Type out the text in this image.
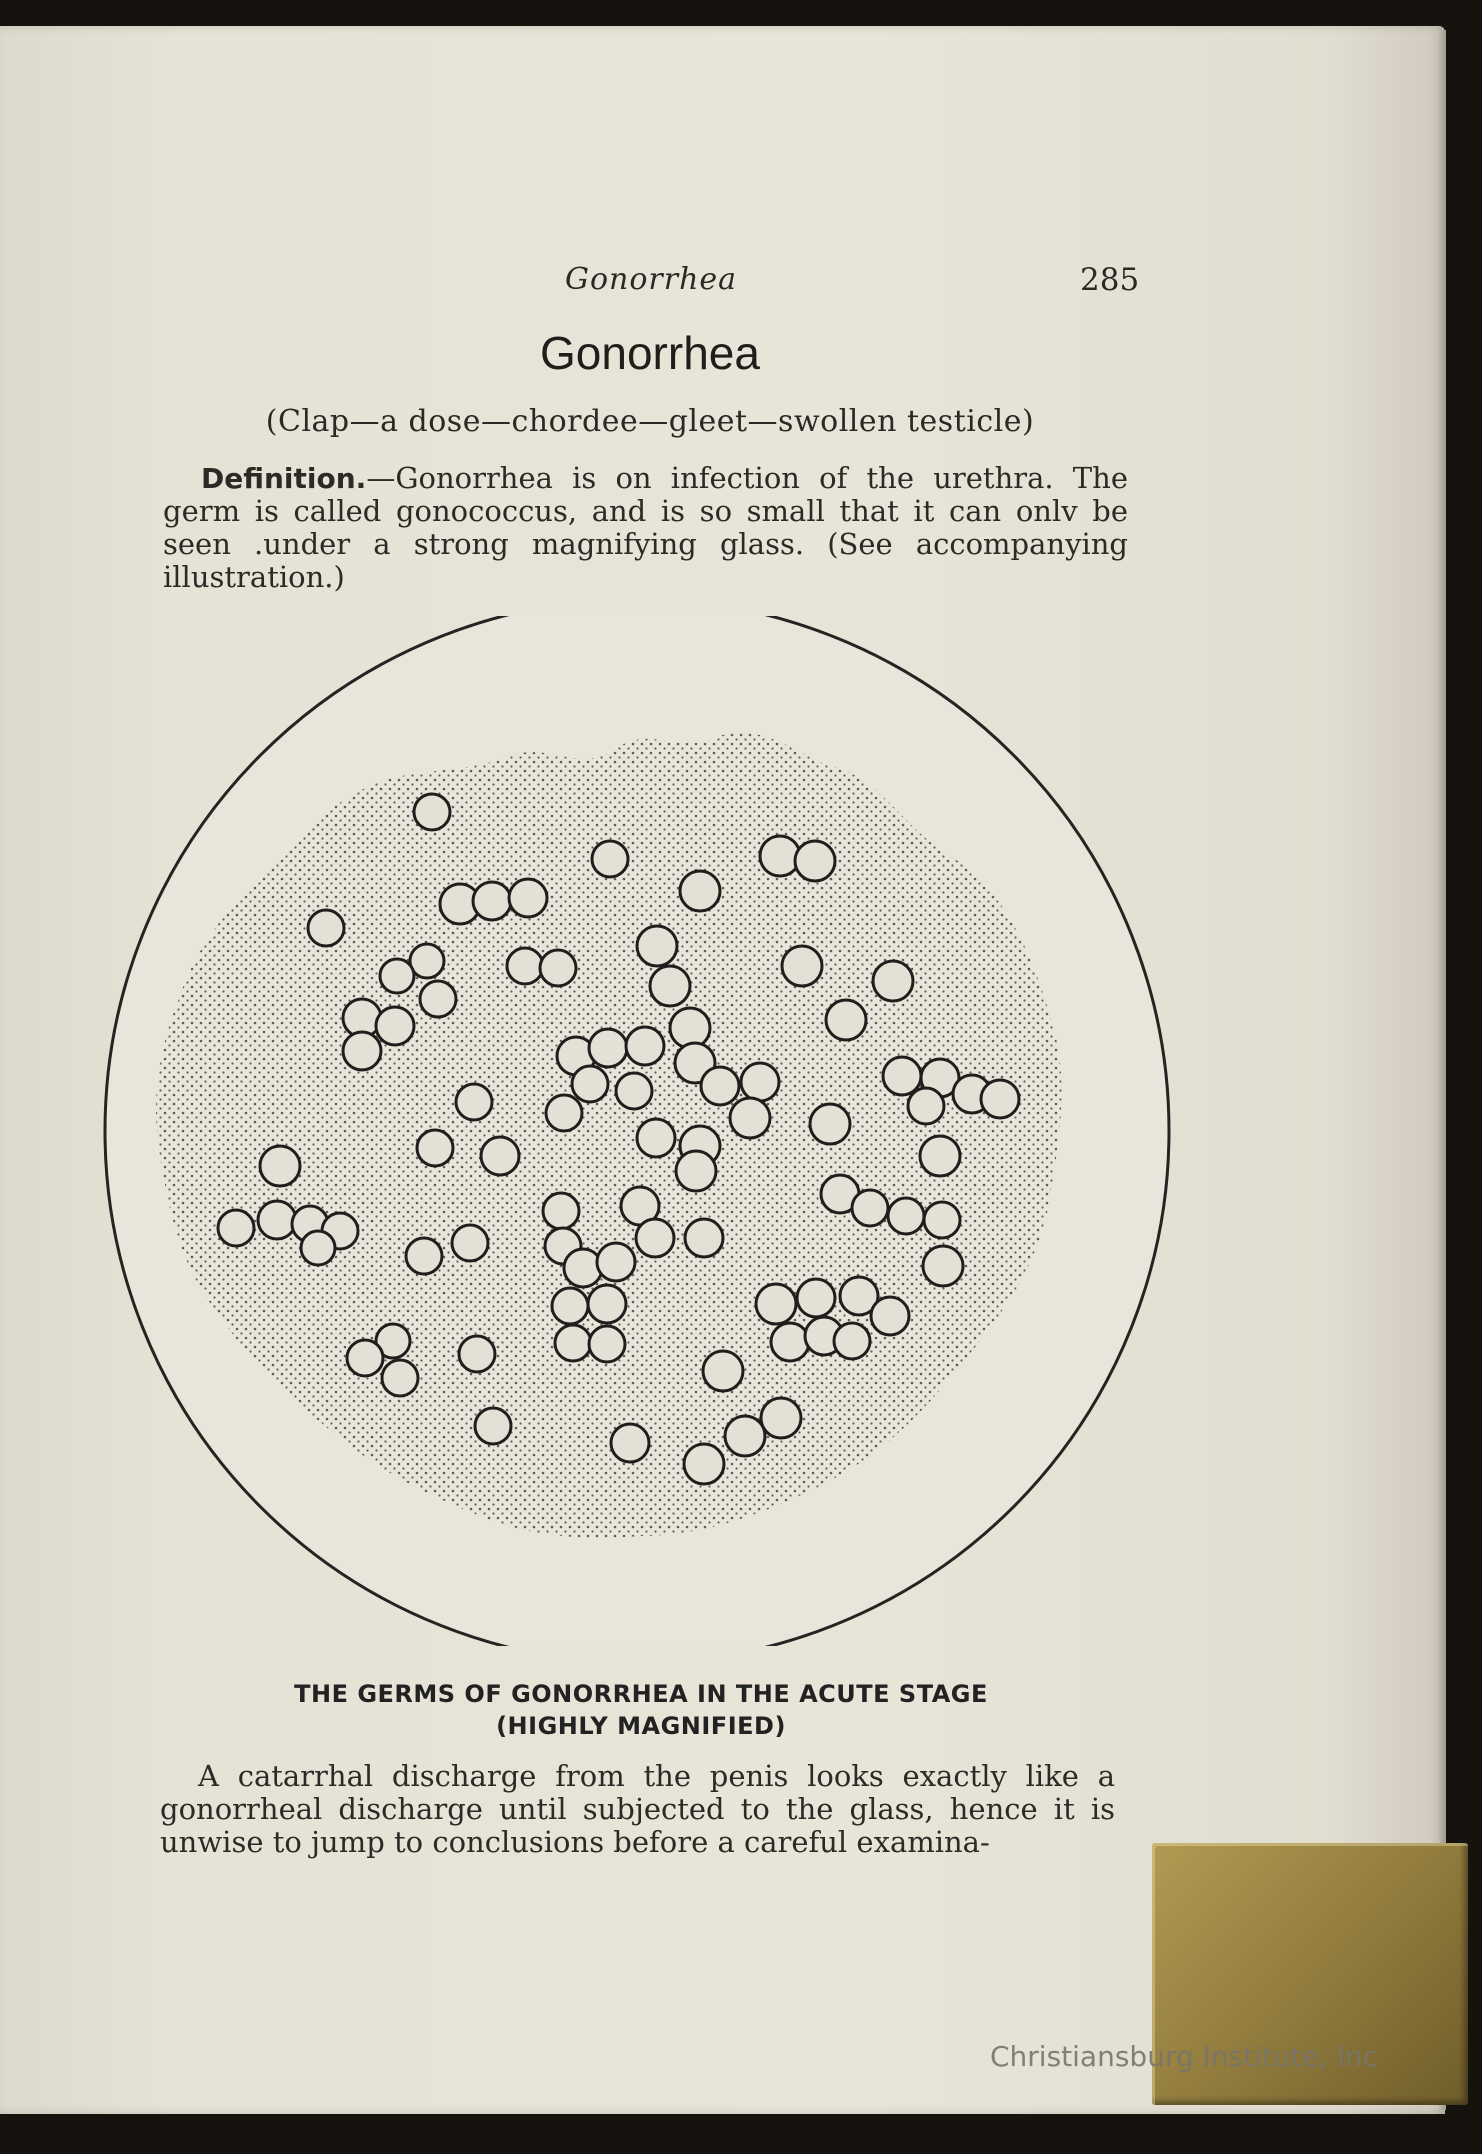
Gonorrhea	285
Gonorrhea
(Clap—a dose—chordee—gleet—swollen testicle)
Definition.—Gonorrhea is on infection of the urethra. The germ is called gonococcus, and is so small that it can onlv be seen .under a strong magnifying glass. (See accompanying illustration.)
THE GERMS OF GONORRHEA IN THE ACUTE STAGE
(HIGHLY MAGNIFIED)
A catarrhal discharge from the penis looks exactly like a gonorrheal discharge until subjected to the glass, hence it is unwise to jump to conclusions before a careful examina-
Christiansburg Institute, Inc
